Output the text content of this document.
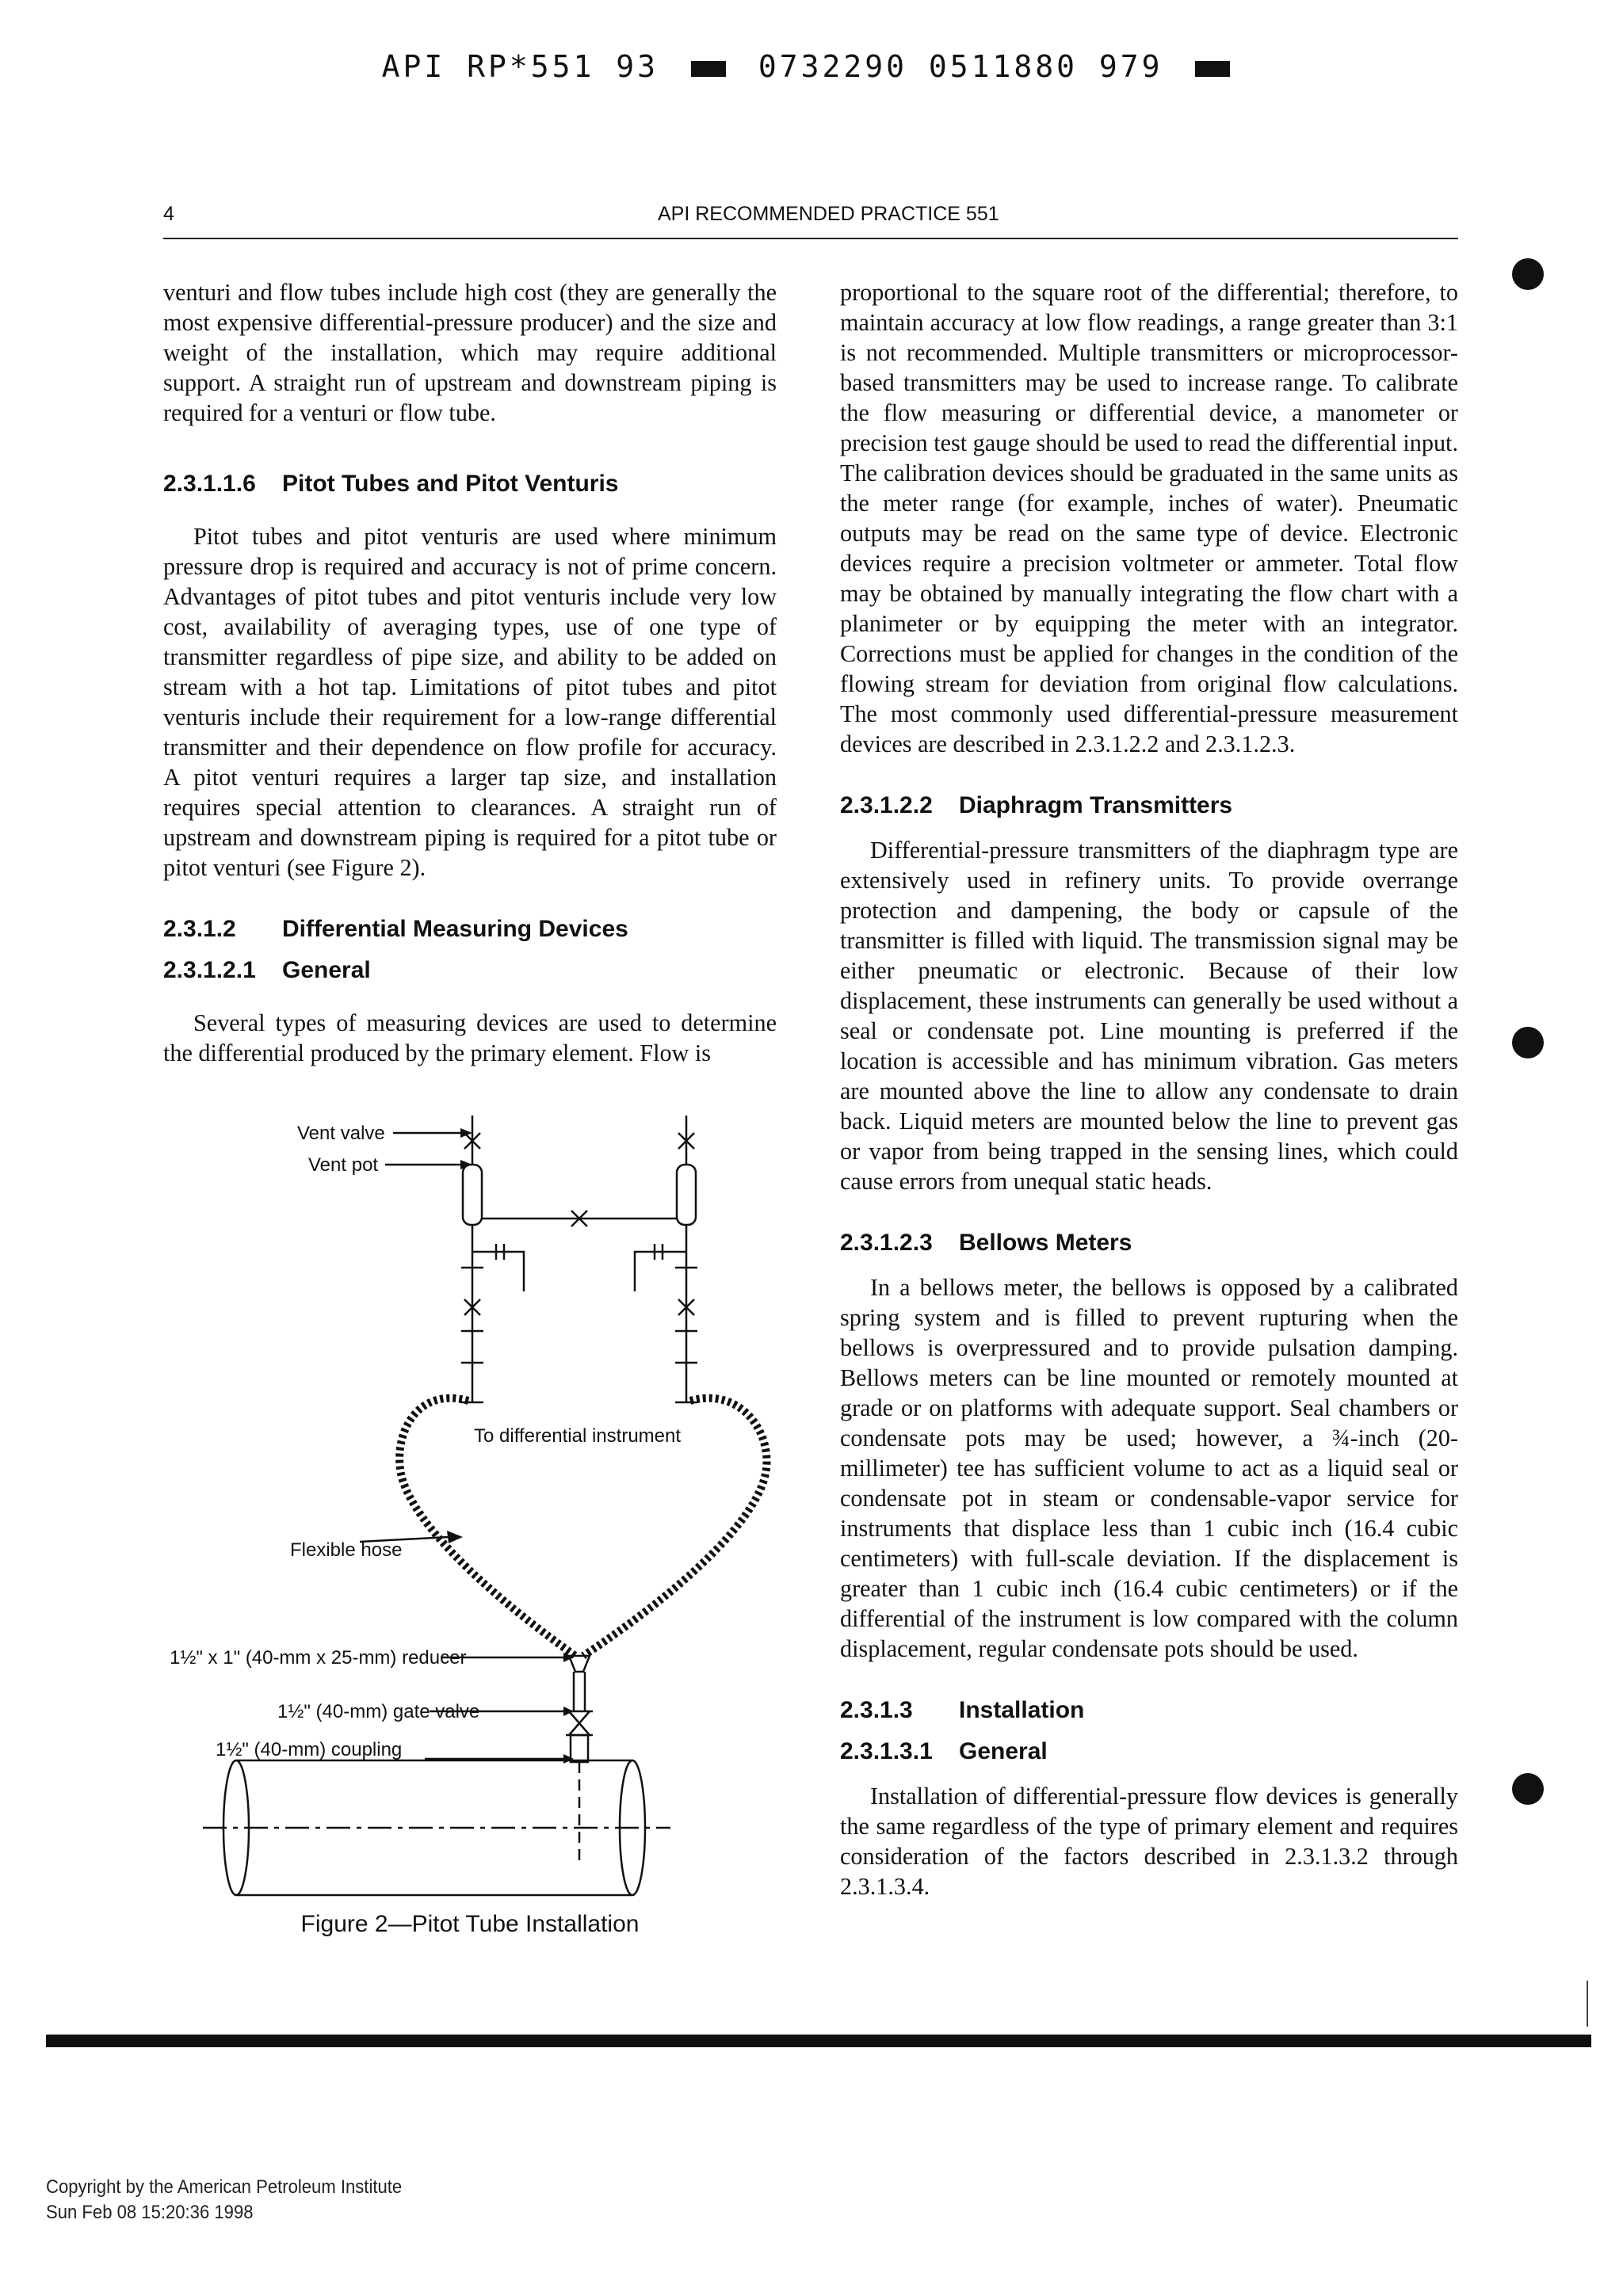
API RP*551 93	0732290 0511880 979
4	API RECOMMENDED PRACTICE 551

venturi and flow tubes include high cost (they are generally the most expensive differential-pressure producer) and the size and weight of the installation, which may require additional support. A straight run of upstream and downstream piping is required for a venturi or flow tube.

2.3.1.1.6 Pitot Tubes and Pitot Venturis

Pitot tubes and pitot venturis are used where minimum pressure drop is required and accuracy is not of prime concern. Advantages of pitot tubes and pitot venturis include very low cost, availability of averaging types, use of one type of transmitter regardless of pipe size, and ability to be added on stream with a hot tap. Limitations of pitot tubes and pitot venturis include their requirement for a low-range differential transmitter and their dependence on flow profile for accuracy. A pitot venturi requires a larger tap size, and installation requires special attention to clearances. A straight run of upstream and downstream piping is required for a pitot tube or pitot venturi (see Figure 2).

2.3.1.2 Differential Measuring Devices
2.3.1.2.1 General

Several types of measuring devices are used to determine the differential produced by the primary element. Flow is

Vent valve
Vent pot
To differential instrument
Flexible hose
1½" x 1" (40-mm x 25-mm) reducer
1½" (40-mm) gate valve
1½" (40-mm) coupling
Figure 2—Pitot Tube Installation

proportional to the square root of the differential; therefore, to maintain accuracy at low flow readings, a range greater than 3:1 is not recommended. Multiple transmitters or microprocessor-based transmitters may be used to increase range. To calibrate the flow measuring or differential device, a manometer or precision test gauge should be used to read the differential input. The calibration devices should be graduated in the same units as the meter range (for example, inches of water). Pneumatic outputs may be read on the same type of device. Electronic devices require a precision voltmeter or ammeter. Total flow may be obtained by manually integrating the flow chart with a planimeter or by equipping the meter with an integrator. Corrections must be applied for changes in the condition of the flowing stream for deviation from original flow calculations. The most commonly used differential-pressure measurement devices are described in 2.3.1.2.2 and 2.3.1.2.3.

2.3.1.2.2 Diaphragm Transmitters

Differential-pressure transmitters of the diaphragm type are extensively used in refinery units. To provide overrange protection and dampening, the body or capsule of the transmitter is filled with liquid. The transmission signal may be either pneumatic or electronic. Because of their low displacement, these instruments can generally be used without a seal or condensate pot. Line mounting is preferred if the location is accessible and has minimum vibration. Gas meters are mounted above the line to allow any condensate to drain back. Liquid meters are mounted below the line to prevent gas or vapor from being trapped in the sensing lines, which could cause errors from unequal static heads.

2.3.1.2.3 Bellows Meters

In a bellows meter, the bellows is opposed by a calibrated spring system and is filled to prevent rupturing when the bellows is overpressured and to provide pulsation damping. Bellows meters can be line mounted or remotely mounted at grade or on platforms with adequate support. Seal chambers or condensate pots may be used; however, a ¾-inch (20-millimeter) tee has sufficient volume to act as a liquid seal or condensate pot in steam or condensable-vapor service for instruments that displace less than 1 cubic inch (16.4 cubic centimeters) with full-scale deviation. If the displacement is greater than 1 cubic inch (16.4 cubic centimeters) or if the differential of the instrument is low compared with the column displacement, regular condensate pots should be used.

2.3.1.3 Installation
2.3.1.3.1 General

Installation of differential-pressure flow devices is generally the same regardless of the type of primary element and requires consideration of the factors described in 2.3.1.3.2 through 2.3.1.3.4.

Copyright by the American Petroleum Institute
Sun Feb 08 15:20:36 1998
